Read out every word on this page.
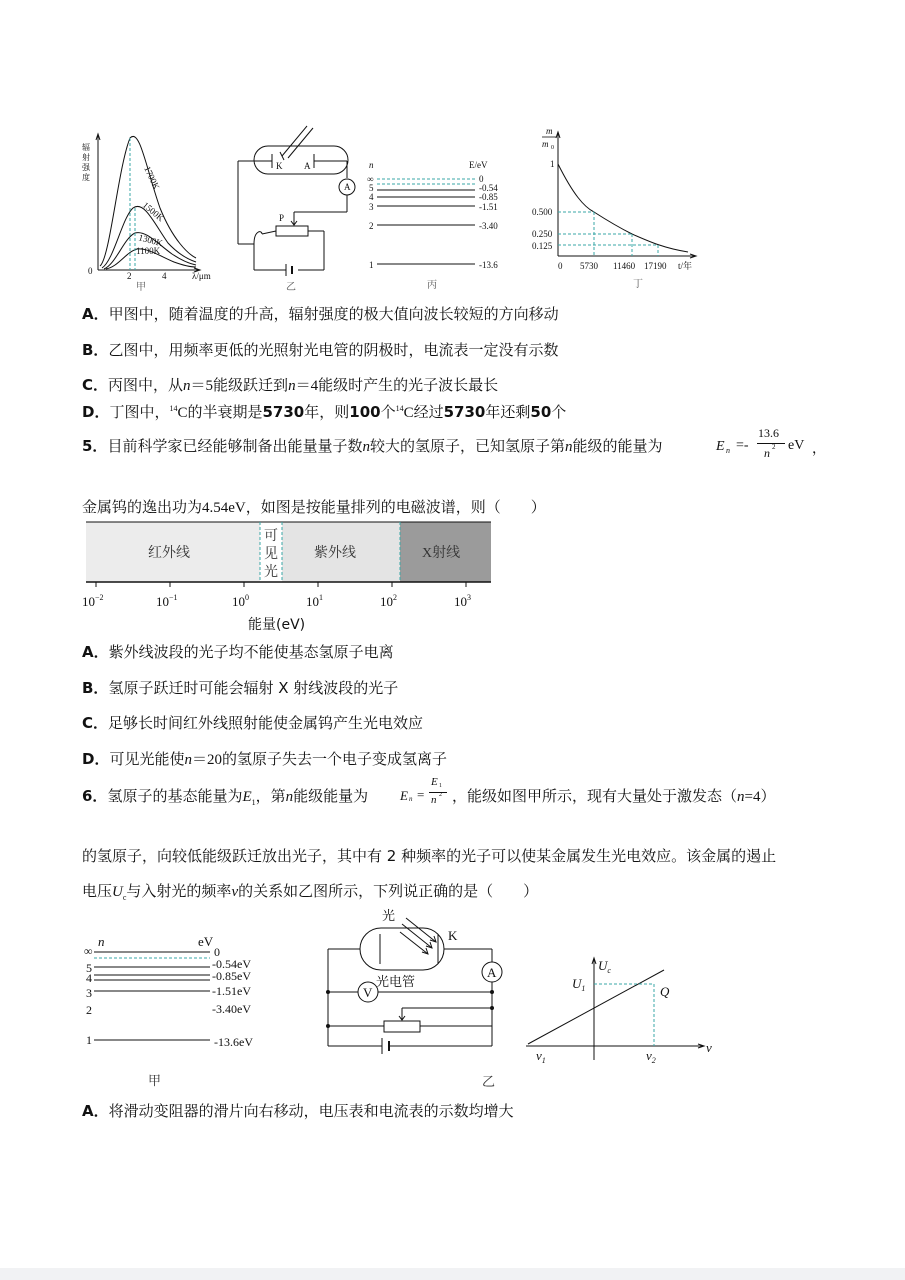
辐
射
强
度	1700K
1500K
1300K
1100K
0	2	4	λ/μm
甲
K A
A
P
乙
n	E/eV
∞	0
5	-0.54
4	-0.85
3	-1.51
2	-3.40
1	-13.6
丙
m
m 0
1
0.500
0.250
0.125
0 5730 11460 17190 t/年
丁
A．甲图中，随着温度的升高，辐射强度的极大值向波长较短的方向移动
B．乙图中，用频率更低的光照射光电管的阴极时，电流表一定没有示数
C．丙图中，从n＝5能级跃迁到n＝4能级时产生的光子波长最长
D．丁图中，$^{14}$C的半衰期是5730年，则100个$^{14}$C经过5730年还剩50个
5．目前科学家已经能够制备出能量量子数n较大的氢原子，已知氢原子第n能级的能量为	E n =-
13.6
n 2 eV ，
金属钨的逸出功为4.54eV，如图是按能量排列的电磁波谱，则（　　）
红外线
可
见
光
紫外线	X射线
$10^{-2}$	$10^{-1}$	$10^0$	$10^1$	$10^2$	$10^3$
能量(eV)
A．紫外线波段的光子均不能使基态氢原子电离
B．氢原子跃迁时可能会辐射 X 射线波段的光子
C．足够长时间红外线照射能使金属钨产生光电效应
D．可见光能使n＝20的氢原子失去一个电子变成氢离子
6．氢原子的基态能量为$E_1$，第n能级能量为 E n =
E 1
n 2 ，能级如图甲所示，现有大量处于激发态（n=4）
的氢原子，向较低能级跃迁放出光子，其中有 2 种频率的光子可以使某金属发生光电效应。该金属的遏止
电压$U_c$与入射光的频率ν的关系如乙图所示，下列说正确的是（　　）
n	eV
∞	0
5	-0.54eV
4	-0.85eV
3	-1.51eV
2	-3.40eV
1	-13.6eV
甲
光
K
光电管
A
V
乙
$U_c$
$U_1$	Q
$\nu_1$	$\nu_2$
ν
A．将滑动变阻器的滑片向右移动，电压表和电流表的示数均增大
